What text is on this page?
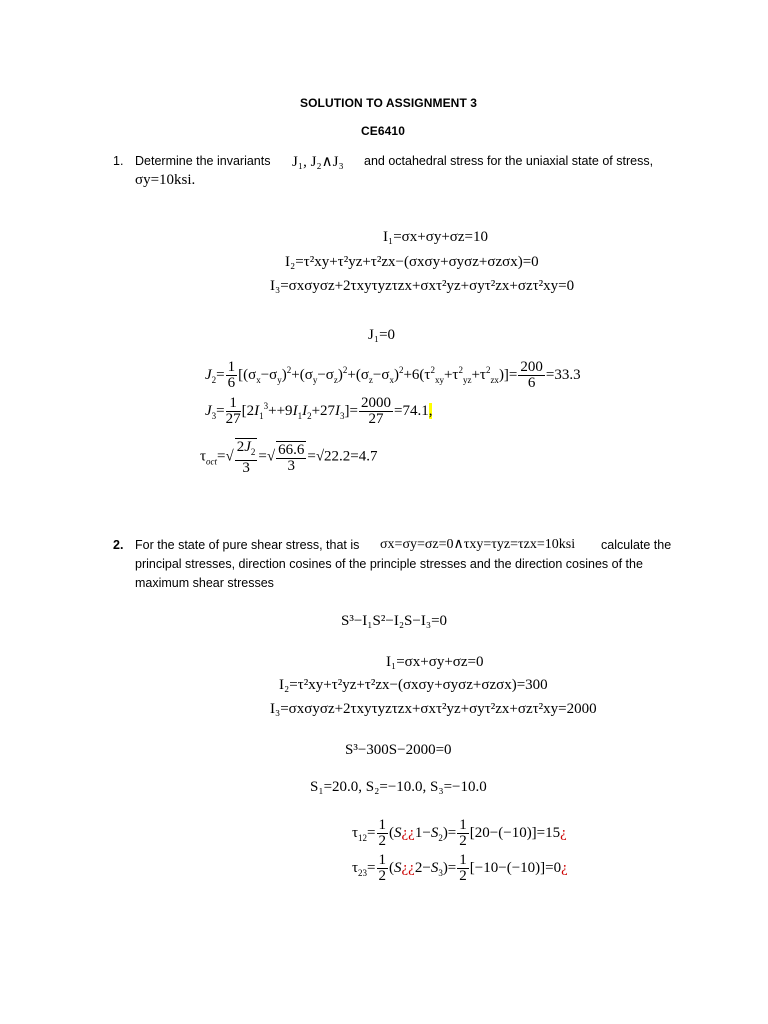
SOLUTION TO ASSIGNMENT 3
CE6410
1. Determine the invariants J₁, J₂∧J₃ and octahedral stress for the uniaxial state of stress,
σy=10ksi.
I₁=σx+σy+σz=10
I₂=τ²xy+τ²yz+τ²zx−(σxσy+σyσz+σzσx)=0
I₃=σxσyσz+2τxyτyzτzx+σxτ²yz+σyτ²zx+σzτ²xy=0
J₁=0
$J_2= \frac{1}{6} [(\sigma_x-\sigma_y)^2+(\sigma_y-\sigma_z)^2+(\sigma_z-\sigma_x)^2+6(\tau^2_{xy}+\tau^2_{yz}+\tau^2_{zx})]= \frac{200}{6} =33.3$
$J_3= \frac{1}{27} [2I_1^3++9I_1I_2+27I_3]= \frac{2000}{27} =74.1$,
$\tau_{oct}=√ \frac{2J_2}{3}$ =√ $\frac{66.6}{3} =√22.2=4.7$
2. For the state of pure shear stress, that is σx=σy=σz=0∧τxy=τyz=τzx=10ksi calculate the
principal stresses, direction cosines of the principle stresses and the direction cosines of the
maximum shear stresses
S³−I₁S²−I₂S−I₃=0
I₁=σx+σy+σz=0
I₂=τ²xy+τ²yz+τ²zx−(σxσy+σyσz+σzσx)=300
I₃=σxσyσz+2τxyτyzτzx+σxτ²yz+σyτ²zx+σzτ²xy=2000
S³−300S−2000=0
S₁=20.0, S₂=−10.0, S₃=−10.0
$\tau_{12}= \frac{1}{2}$ $(S¿¿1-S_2)= \frac{1}{2}$ [20−(−10)]=15¿
$\tau_{23}= \frac{1}{2}$ $(S¿¿2-S_3)= \frac{1}{2}$ [−10−(−10)]=0¿
